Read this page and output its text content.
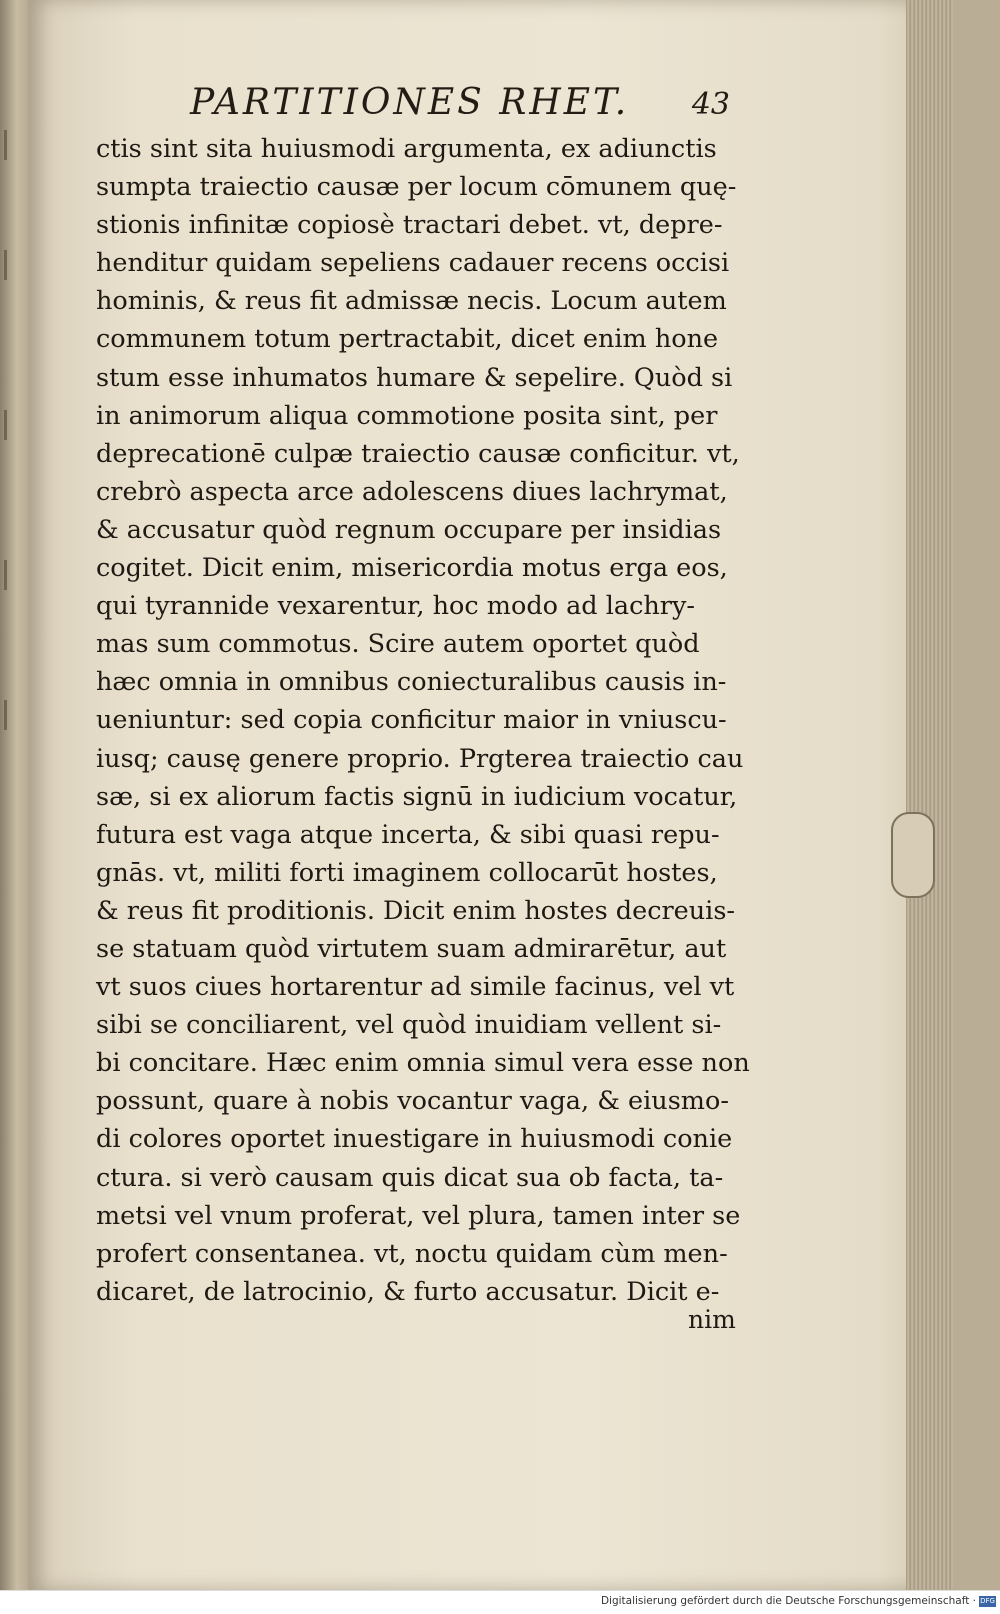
PARTITIONES RHET. 43
ctis sint sita huiusmodi argumenta, ex adiunctis
sumpta traiectio causæ per locum cōmunem quę-
stionis infinitæ copiosè tractari debet. vt, depre-
henditur quidam sepeliens cadauer recens occisi
hominis, & reus fit admissæ necis. Locum autem
communem totum pertractabit, dicet enim hone
stum esse inhumatos humare & sepelire. Quòd si
in animorum aliqua commotione posita sint, per
deprecationē culpæ traiectio causæ conficitur. vt,
crebrò aspecta arce adolescens diues lachrymat,
& accusatur quòd regnum occupare per insidias
cogitet. Dicit enim, misericordia motus erga eos,
qui tyrannide vexarentur, hoc modo ad lachry-
mas sum commotus. Scire autem oportet quòd
hæc omnia in omnibus coniecturalibus causis in-
ueniuntur: sed copia conficitur maior in vniuscu-
iusq; causę genere proprio. Prgterea traiectio cau
sæ, si ex aliorum factis signū in iudicium vocatur,
futura est vaga atque incerta, & sibi quasi repu-
gnās. vt, militi forti imaginem collocarūt hostes,
& reus fit proditionis. Dicit enim hostes decreuis-
se statuam quòd virtutem suam admirarētur, aut
vt suos ciues hortarentur ad simile facinus, vel vt
sibi se conciliarent, vel quòd inuidiam vellent si-
bi concitare. Hæc enim omnia simul vera esse non
possunt, quare à nobis vocantur vaga, & eiusmo-
di colores oportet inuestigare in huiusmodi conie
ctura. si verò causam quis dicat sua ob facta, ta-
metsi vel vnum proferat, vel plura, tamen inter se
profert consentanea. vt, noctu quidam cùm men-
dicaret, de latrocinio, & furto accusatur. Dicit e-
nim
Digitalisierung gefördert durch die Deutsche Forschungsgemeinschaft · DFG
